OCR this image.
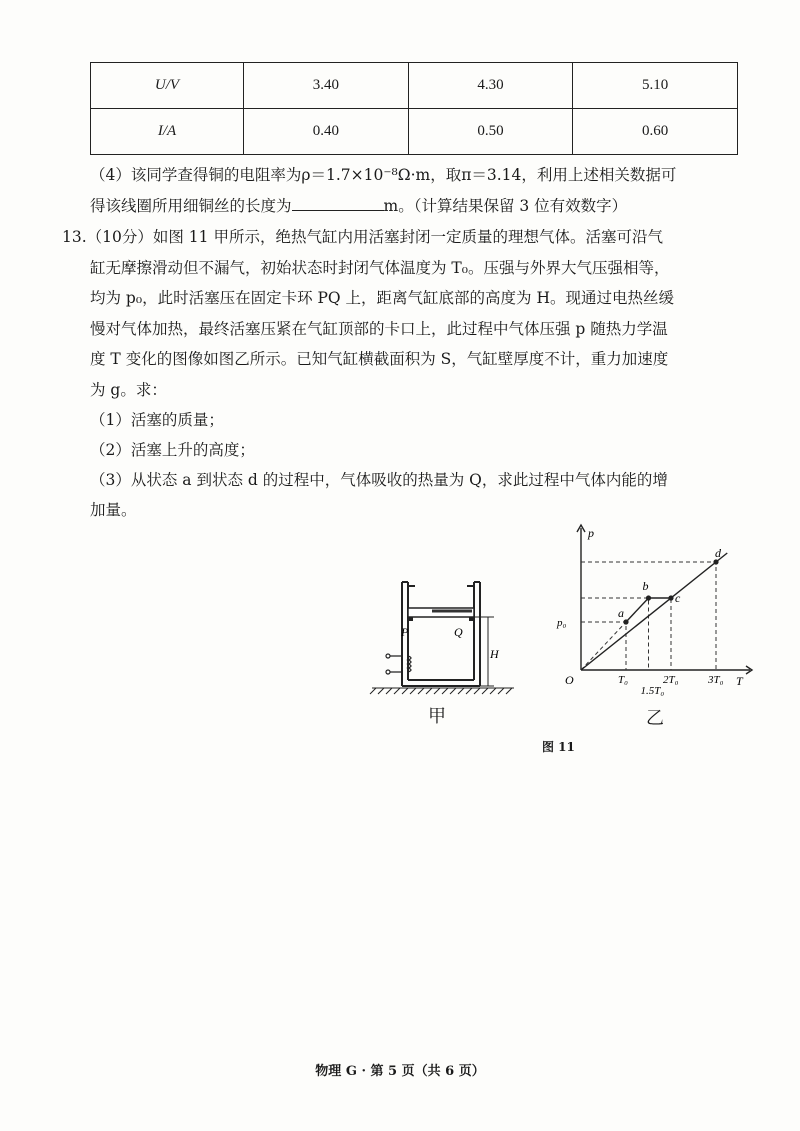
U/V	3.40	4.30	5.10
I/A	0.40	0.50	0.60
（4）该同学查得铜的电阻率为ρ＝1.7×10⁻⁸Ω·m，取π＝3.14，利用上述相关数据可
得该线圈所用细铜丝的长度为	m。（计算结果保留 3 位有效数字）
13.（10分）如图 11 甲所示，绝热气缸内用活塞封闭一定质量的理想气体。活塞可沿气
缸无摩擦滑动但不漏气，初始状态时封闭气体温度为 T₀。压强与外界大气压强相等，
均为 p₀，此时活塞压在固定卡环 PQ 上，距离气缸底部的高度为 H。现通过电热丝缓
慢对气体加热，最终活塞压紧在气缸顶部的卡口上，此过程中气体压强 p 随热力学温
度 T 变化的图像如图乙所示。已知气缸横截面积为 S，气缸壁厚度不计，重力加速度
为 g。求：
（1）活塞的质量；
（2）活塞上升的高度；
（3）从状态 a 到状态 d 的过程中，气体吸收的热量为 Q，求此过程中气体内能的增
加量。
P	Q
H
甲
a
b
c
d
T₀
1.5T₀
2T₀	3T₀
p₀
O	T
p
乙
图 11
物理 G · 第 5 页（共 6 页）
